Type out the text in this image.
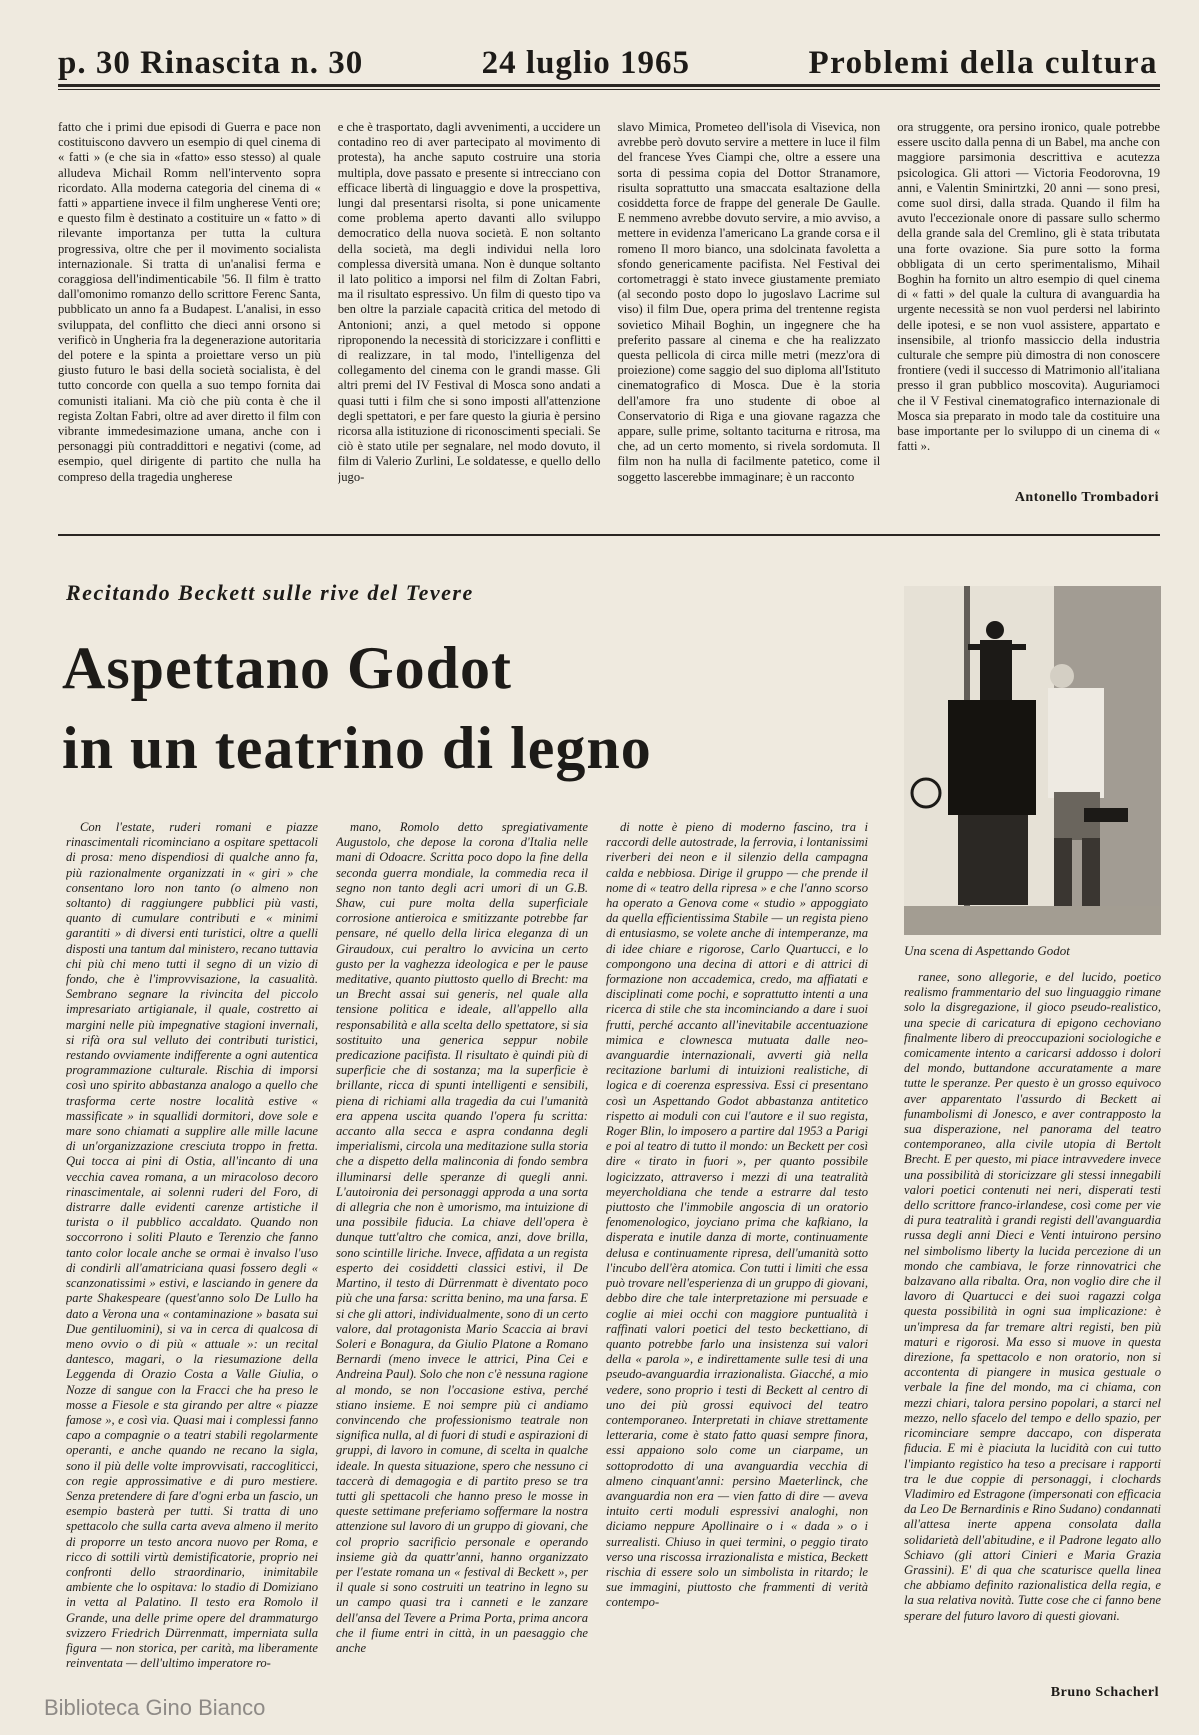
p. 30 Rinascita n. 30	24 luglio 1965	Problemi della cultura
fatto che i primi due episodi di Guerra e pace non costituiscono davvero un esempio di quel cinema di « fatti » (e che sia in «fatto» esso stesso) al quale alludeva Michail Romm nell'intervento sopra ricordato. Alla moderna categoria del cinema di « fatti » appartiene invece il film ungherese Venti ore; e questo film è destinato a costituire un « fatto » di rilevante importanza per tutta la cultura progressiva, oltre che per il movimento socialista internazionale. Si tratta di un'analisi ferma e coraggiosa dell'indimenticabile '56. Il film è tratto dall'omonimo romanzo dello scrittore Ferenc Santa, pubblicato un anno fa a Budapest. L'analisi, in esso sviluppata, del conflitto che dieci anni orsono si verificò in Ungheria fra la degenerazione autoritaria del potere e la spinta a proiettare verso un più giusto futuro le basi della società socialista, è del tutto concorde con quella a suo tempo fornita dai comunisti italiani. Ma ciò che più conta è che il regista Zoltan Fabri, oltre ad aver diretto il film con vibrante immedesimazione umana, anche con i personaggi più contraddittori e negativi (come, ad esempio, quel dirigente di partito che nulla ha compreso della tragedia ungherese
e che è trasportato, dagli avvenimenti, a uccidere un contadino reo di aver partecipato al movimento di protesta), ha anche saputo costruire una storia multipla, dove passato e presente si intrecciano con efficace libertà di linguaggio e dove la prospettiva, lungi dal presentarsi risolta, si pone unicamente come problema aperto davanti allo sviluppo democratico della nuova società. E non soltanto della società, ma degli individui nella loro complessa diversità umana. Non è dunque soltanto il lato politico a imporsi nel film di Zoltan Fabri, ma il risultato espressivo. Un film di questo tipo va ben oltre la parziale capacità critica del metodo di Antonioni; anzi, a quel metodo si oppone riproponendo la necessità di storicizzare i conflitti e di realizzare, in tal modo, l'intelligenza del collegamento del cinema con le grandi masse. Gli altri premi del IV Festival di Mosca sono andati a quasi tutti i film che si sono imposti all'attenzione degli spettatori, e per fare questo la giuria è persino ricorsa alla istituzione di riconoscimenti speciali. Se ciò è stato utile per segnalare, nel modo dovuto, il film di Valerio Zurlini, Le soldatesse, e quello dello jugo-
slavo Mimica, Prometeo dell'isola di Visevica, non avrebbe però dovuto servire a mettere in luce il film del francese Yves Ciampi che, oltre a essere una sorta di pessima copia del Dottor Stranamore, risulta soprattutto una smaccata esaltazione della cosiddetta force de frappe del generale De Gaulle. E nemmeno avrebbe dovuto servire, a mio avviso, a mettere in evidenza l'americano La grande corsa e il romeno Il moro bianco, una sdolcinata favoletta a sfondo genericamente pacifista. Nel Festival dei cortometraggi è stato invece giustamente premiato (al secondo posto dopo lo jugoslavo Lacrime sul viso) il film Due, opera prima del trentenne regista sovietico Mihail Boghin, un ingegnere che ha preferito passare al cinema e che ha realizzato questa pellicola di circa mille metri (mezz'ora di proiezione) come saggio del suo diploma all'Istituto cinematografico di Mosca. Due è la storia dell'amore fra uno studente di oboe al Conservatorio di Riga e una giovane ragazza che appare, sulle prime, soltanto taciturna e ritrosa, ma che, ad un certo momento, si rivela sordomuta. Il film non ha nulla di facilmente patetico, come il soggetto lascerebbe immaginare; è un racconto
ora struggente, ora persino ironico, quale potrebbe essere uscito dalla penna di un Babel, ma anche con maggiore parsimonia descrittiva e acutezza psicologica. Gli attori — Victoria Feodorovna, 19 anni, e Valentin Sminirtzki, 20 anni — sono presi, come suol dirsi, dalla strada. Quando il film ha avuto l'eccezionale onore di passare sullo schermo della grande sala del Cremlino, gli è stata tributata una forte ovazione. Sia pure sotto la forma obbligata di un certo sperimentalismo, Mihail Boghin ha fornito un altro esempio di quel cinema di « fatti » del quale la cultura di avanguardia ha urgente necessità se non vuol perdersi nel labirinto delle ipotesi, e se non vuol assistere, appartato e insensibile, al trionfo massiccio della industria culturale che sempre più dimostra di non conoscere frontiere (vedi il successo di Matrimonio all'italiana presso il gran pubblico moscovita). Auguriamoci che il V Festival cinematografico internazionale di Mosca sia preparato in modo tale da costituire una base importante per lo sviluppo di un cinema di « fatti ».
Antonello Trombadori
Recitando Beckett sulle rive del Tevere
Aspettano Godot
in un teatrino di legno
Una scena di Aspettando Godot

Con l'estate, ruderi romani e piazze rinascimentali ricominciano a ospitare spettacoli di prosa: meno dispendiosi di qualche anno fa, più razionalmente organizzati in « giri » che consentano loro non tanto (o almeno non soltanto) di raggiungere pubblici più vasti, quanto di cumulare contributi e « minimi garantiti » di diversi enti turistici, oltre a quelli disposti una tantum dal ministero, recano tuttavia chi più chi meno tutti il segno di un vizio di fondo, che è l'improvvisazione, la casualità. Sembrano segnare la rivincita del piccolo impresariato artigianale, il quale, costretto ai margini nelle più impegnative stagioni invernali, si rifà ora sul velluto dei contributi turistici, restando ovviamente indifferente a ogni autentica programmazione culturale. Rischia di imporsi così uno spirito abbastanza analogo a quello che trasforma certe nostre località estive « massificate » in squallidi dormitori, dove sole e mare sono chiamati a supplire alle mille lacune di un'organizzazione cresciuta troppo in fretta. Qui tocca ai pini di Ostia, all'incanto di una vecchia cavea romana, a un miracoloso decoro rinascimentale, ai solenni ruderi del Foro, di distrarre dalle evidenti carenze artistiche il turista o il pubblico accaldato. Quando non soccorrono i soliti Plauto e Terenzio che fanno tanto color locale anche se ormai è invalso l'uso di condirli all'amatriciana quasi fossero degli « scanzonatissimi » estivi, e lasciando in genere da parte Shakespeare (quest'anno solo De Lullo ha dato a Verona una « contaminazione » basata sui Due gentiluomini), si va in cerca di qualcosa di meno ovvio o di più « attuale »: un recital dantesco, magari, o la riesumazione della Leggenda di Orazio Costa a Valle Giulia, o Nozze di sangue con la Fracci che ha preso le mosse a Fiesole e sta girando per altre « piazze famose », e così via. Quasi mai i complessi fanno capo a compagnie o a teatri stabili regolarmente operanti, e anche quando ne recano la sigla, sono il più delle volte improvvisati, raccogliticci, con regie approssimative e di puro mestiere. Senza pretendere di fare d'ogni erba un fascio, un esempio basterà per tutti. Si tratta di uno spettacolo che sulla carta aveva almeno il merito di proporre un testo ancora nuovo per Roma, e ricco di sottili virtù demistificatorie, proprio nei confronti dello straordinario, inimitabile ambiente che lo ospitava: lo stadio di Domiziano in vetta al Palatino. Il testo era Romolo il Grande, una delle prime opere del drammaturgo svizzero Friedrich Dürrenmatt, imperniata sulla figura — non storica, per carità, ma liberamente reinventata — dell'ultimo imperatore ro-

mano, Romolo detto spregiativamente Augustolo, che depose la corona d'Italia nelle mani di Odoacre. Scritta poco dopo la fine della seconda guerra mondiale, la commedia reca il segno non tanto degli acri umori di un G.B. Shaw, cui pure molta della superficiale corrosione antieroica e smitizzante potrebbe far pensare, né quello della lirica eleganza di un Giraudoux, cui peraltro lo avvicina un certo gusto per la vaghezza ideologica e per le pause meditative, quanto piuttosto quello di Brecht: ma un Brecht assai sui generis, nel quale alla tensione politica e ideale, all'appello alla responsabilità e alla scelta dello spettatore, si sia sostituito una generica seppur nobile predicazione pacifista. Il risultato è quindi più di superficie che di sostanza; ma la superficie è brillante, ricca di spunti intelligenti e sensibili, piena di richiami alla tragedia da cui l'umanità era appena uscita quando l'opera fu scritta: accanto alla secca e aspra condanna degli imperialismi, circola una meditazione sulla storia che a dispetto della malinconia di fondo sembra illuminarsi delle speranze di quegli anni. L'autoironia dei personaggi approda a una sorta di allegria che non è umorismo, ma intuizione di una possibile fiducia. La chiave dell'opera è dunque tutt'altro che comica, anzi, dove brilla, sono scintille liriche. Invece, affidata a un regista esperto dei cosiddetti classici estivi, il De Martino, il testo di Dürrenmatt è diventato poco più che una farsa: scritta benino, ma una farsa. E si che gli attori, individualmente, sono di un certo valore, dal protagonista Mario Scaccia ai bravi Soleri e Bonagura, da Giulio Platone a Romano Bernardi (meno invece le attrici, Pina Cei e Andreina Paul). Solo che non c'è nessuna ragione al mondo, se non l'occasione estiva, perché stiano insieme. E noi sempre più ci andiamo convincendo che professionismo teatrale non significa nulla, al di fuori di studi e aspirazioni di gruppi, di lavoro in comune, di scelta in qualche ideale. In questa situazione, spero che nessuno ci taccerà di demagogia e di partito preso se tra tutti gli spettacoli che hanno preso le mosse in queste settimane preferiamo soffermare la nostra attenzione sul lavoro di un gruppo di giovani, che col proprio sacrificio personale e operando insieme già da quattr'anni, hanno organizzato per l'estate romana un « festival di Beckett », per il quale si sono costruiti un teatrino in legno su un campo quasi tra i canneti e le zanzare dell'ansa del Tevere a Prima Porta, prima ancora che il fiume entri in città, in un paesaggio che anche

di notte è pieno di moderno fascino, tra i raccordi delle autostrade, la ferrovia, i lontanissimi riverberi dei neon e il silenzio della campagna calda e nebbiosa. Dirige il gruppo — che prende il nome di « teatro della ripresa » e che l'anno scorso ha operato a Genova come « studio » appoggiato da quella efficientissima Stabile — un regista pieno di entusiasmo, se volete anche di intemperanze, ma di idee chiare e rigorose, Carlo Quartucci, e lo compongono una decina di attori e di attrici di formazione non accademica, credo, ma affiatati e disciplinati come pochi, e soprattutto intenti a una ricerca di stile che sta incominciando a dare i suoi frutti, perché accanto all'inevitabile accentuazione mimica e clownesca mutuata dalle neo-avanguardie internazionali, avverti già nella recitazione barlumi di intuizioni realistiche, di logica e di coerenza espressiva. Essi ci presentano così un Aspettando Godot abbastanza antitetico rispetto ai moduli con cui l'autore e il suo regista, Roger Blin, lo imposero a partire dal 1953 a Parigi e poi al teatro di tutto il mondo: un Beckett per così dire « tirato in fuori », per quanto possibile logicizzato, attraverso i mezzi di una teatralità meyercholdiana che tende a estrarre dal testo piuttosto che l'immobile angoscia di un oratorio fenomenologico, joyciano prima che kafkiano, la disperata e inutile danza di morte, continuamente delusa e continuamente ripresa, dell'umanità sotto l'incubo dell'èra atomica. Con tutti i limiti che essa può trovare nell'esperienza di un gruppo di giovani, debbo dire che tale interpretazione mi persuade e coglie ai miei occhi con maggiore puntualità i raffinati valori poetici del testo beckettiano, di quanto potrebbe farlo una insistenza sui valori della « parola », e indirettamente sulle tesi di una pseudo-avanguardia irrazionalista. Giacché, a mio vedere, sono proprio i testi di Beckett al centro di uno dei più grossi equivoci del teatro contemporaneo. Interpretati in chiave strettamente letteraria, come è stato fatto quasi sempre finora, essi appaiono solo come un ciarpame, un sottoprodotto di una avanguardia vecchia di almeno cinquant'anni: persino Maeterlinck, che avanguardia non era — vien fatto di dire — aveva intuito certi moduli espressivi analoghi, non diciamo neppure Apollinaire o i « dada » o i surrealisti. Chiuso in quei termini, o peggio tirato verso una riscossa irrazionalista e mistica, Beckett rischia di essere solo un simbolista in ritardo; le sue immagini, piuttosto che frammenti di verità contempo-

ranee, sono allegorie, e del lucido, poetico realismo frammentario del suo linguaggio rimane solo la disgregazione, il gioco pseudo-realistico, una specie di caricatura di epigono cechoviano finalmente libero di preoccupazioni sociologiche e comicamente intento a caricarsi addosso i dolori del mondo, buttandone accuratamente a mare tutte le speranze. Per questo è un grosso equivoco aver apparentato l'assurdo di Beckett ai funambolismi di Jonesco, e aver contrapposto la sua disperazione, nel panorama del teatro contemporaneo, alla civile utopia di Bertolt Brecht. E per questo, mi piace intravvedere invece una possibilità di storicizzare gli stessi innegabili valori poetici contenuti nei neri, disperati testi dello scrittore franco-irlandese, così come per vie di pura teatralità i grandi registi dell'avanguardia russa degli anni Dieci e Venti intuirono persino nel simbolismo liberty la lucida percezione di un mondo che cambiava, le forze rinnovatrici che balzavano alla ribalta. Ora, non voglio dire che il lavoro di Quartucci e dei suoi ragazzi colga questa possibilità in ogni sua implicazione: è un'impresa da far tremare altri registi, ben più maturi e rigorosi. Ma esso si muove in questa direzione, fa spettacolo e non oratorio, non si accontenta di piangere in musica gestuale o verbale la fine del mondo, ma ci chiama, con mezzi chiari, talora persino popolari, a starci nel mezzo, nello sfacelo del tempo e dello spazio, per ricominciare sempre daccapo, con disperata fiducia. E mi è piaciuta la lucidità con cui tutto l'impianto registico ha teso a precisare i rapporti tra le due coppie di personaggi, i clochards Vladimiro ed Estragone (impersonati con efficacia da Leo De Bernardinis e Rino Sudano) condannati all'attesa inerte appena consolata dalla solidarietà dell'abitudine, e il Padrone legato allo Schiavo (gli attori Cinieri e Maria Grazia Grassini). E' di qua che scaturisce quella linea che abbiamo definito razionalistica della regia, e la sua relativa novità. Tutte cose che ci fanno bene sperare del futuro lavoro di questi giovani.

Bruno Schacherl
Biblioteca Gino Bianco
